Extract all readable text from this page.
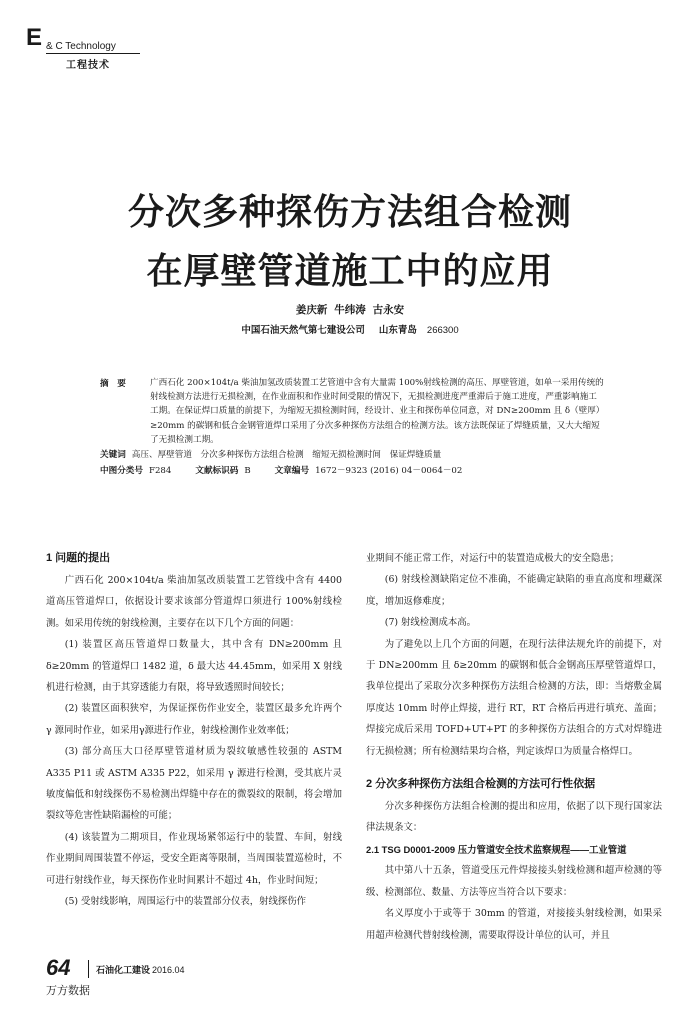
E & C Technology
工程技术
分次多种探伤方法组合检测
在厚壁管道施工中的应用
姜庆新 牛纬涛 古永安
中国石油天然气第七建设公司 山东青岛 266300
摘　要	广西石化 200×104t/a 柴油加氢改质装置工艺管道中含有大量需 100%射线检测的高压、厚壁管道，如单一采用传统的射线检测方法进行无损检测，在作业面积和作业时间受限的情况下，无损检测进度严重滞后于施工进度，严重影响施工工期。在保证焊口质量的前提下，为缩短无损检测时间，经设计、业主和探伤单位同意，对 DN≥200mm 且 δ（壁厚）≥20mm 的碳钢和低合金钢管道焊口采用了分次多种探伤方法组合的检测方法。该方法既保证了焊缝质量，又大大缩短了无损检测工期。
关键词 高压、厚壁管道　分次多种探伤方法组合检测　缩短无损检测时间　保证焊缝质量
中图分类号 F284	文献标识码 B	文章编号 1672－9323 (2016) 04－0064－02
1 问题的提出

广西石化 200×104t/a 柴油加氢改质装置工艺管线中含有 4400 道高压管道焊口，依据设计要求该部分管道焊口须进行 100%射线检测。如采用传统的射线检测，主要存在以下几个方面的问题：

(1) 装置区高压管道焊口数量大，其中含有 DN≥200mm 且 δ≥20mm 的管道焊口 1482 道，δ 最大达 44.45mm，如采用 X 射线机进行检测，由于其穿透能力有限，将导致透照时间较长；

(2) 装置区面积狭窄，为保证探伤作业安全，装置区最多允许两个 γ 源同时作业，如采用γ源进行作业，射线检测作业效率低；

(3) 部分高压大口径厚壁管道材质为裂纹敏感性较强的 ASTM A335 P11 或 ASTM A335 P22，如采用 γ 源进行检测，受其底片灵敏度偏低和射线探伤不易检测出焊缝中存在的微裂纹的限制，将会增加裂纹等危害性缺陷漏检的可能；

(4) 该装置为二期项目，作业现场紧邻运行中的装置、车间，射线作业期间周围装置不停运，受安全距离等限制，当周围装置巡检时，不可进行射线作业，每天探伤作业时间累计不超过 4h，作业时间短；

(5) 受射线影响，周围运行中的装置部分仪表，射线探伤作

业期间不能正常工作，对运行中的装置造成极大的安全隐患；

(6) 射线检测缺陷定位不准确，不能确定缺陷的垂直高度和埋藏深度，增加返修难度；

(7) 射线检测成本高。

为了避免以上几个方面的问题，在现行法律法规允许的前提下，对于 DN≥200mm 且 δ≥20mm 的碳钢和低合金钢高压厚壁管道焊口，我单位提出了采取分次多种探伤方法组合检测的方法，即：当熔敷金属厚度达 10mm 时停止焊接，进行 RT，RT 合格后再进行填充、盖面；焊接完成后采用 TOFD+UT+PT 的多种探伤方法组合的方式对焊缝进行无损检测；所有检测结果均合格，判定该焊口为质量合格焊口。

2 分次多种探伤方法组合检测的方法可行性依据

分次多种探伤方法组合检测的提出和应用，依据了以下现行国家法律法规条文：

2.1 TSG D0001-2009 压力管道安全技术监察规程——工业管道

其中第八十五条，管道受压元件焊接接头射线检测和超声检测的等级、检测部位、数量、方法等应当符合以下要求：

名义厚度小于或等于 30mm 的管道，对接接头射线检测，如果采用超声检测代替射线检测，需要取得设计单位的认可，并且

64	石油化工建设 2016.04
万方数据
